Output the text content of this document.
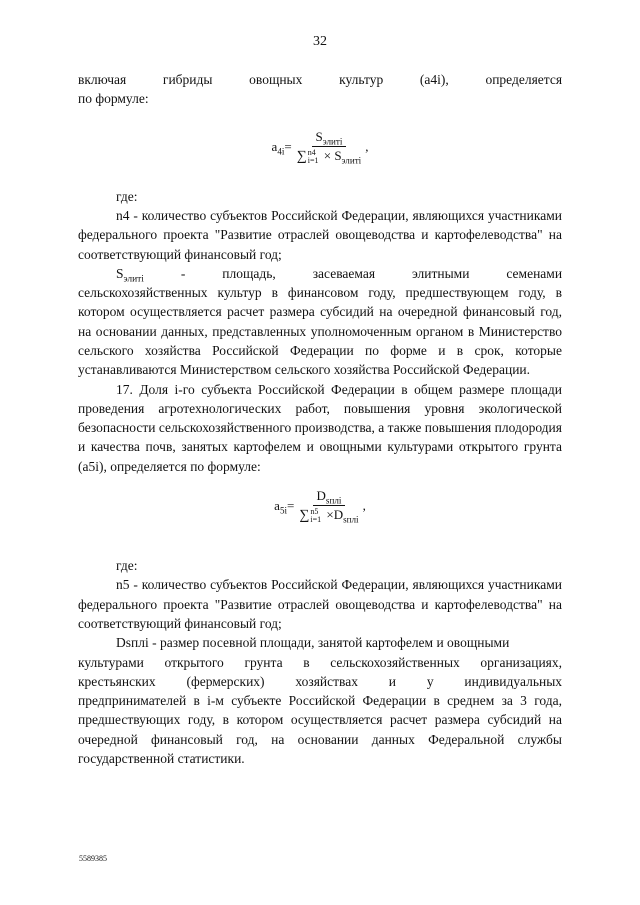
32

включая	гибриды	овощных	культур	(a4i),	определяется

по формуле:

$a_{4i}= S_{элитi}$
∑ n4
$i=1 \times S_{элитi}$ ,

где:

n4 - количество субъектов Российской Федерации, являющихся участниками федерального проекта "Развитие отраслей овощеводства и картофелеводства" на соответствующий финансовый год;

$S_{элитi}$	-	площадь,	засеваемая	элитными	семенами

сельскохозяйственных культур в финансовом году, предшествующем году, в котором осуществляется расчет размера субсидий на очередной финансовый год, на основании данных, представленных уполномоченным органом в Министерство сельского хозяйства Российской Федерации по форме и в срок, которые устанавливаются Министерством сельского хозяйства Российской Федерации.

17. Доля i-го субъекта Российской Федерации в общем размере площади проведения агротехнологических работ, повышения уровня экологической безопасности сельскохозяйственного производства, а также повышения плодородия и качества почв, занятых картофелем и овощными культурами открытого грунта (a5i), определяется по формуле:

$a_{5i}= D_{sплi}$
∑ n5
$i=1 \times D_{sплi}$ ,

где:

n5 - количество субъектов Российской Федерации, являющихся участниками федерального проекта "Развитие отраслей овощеводства и картофелеводства" на соответствующий финансовый год;

Dsплi - размер посевной площади, занятой картофелем и овощными

культурами открытого грунта в сельскохозяйственных организациях,

крестьянских (фермерских) хозяйствах и у индивидуальных

предпринимателей в i-м субъекте Российской Федерации в среднем за 3 года, предшествующих году, в котором осуществляется расчет размера субсидий на очередной финансовый год, на основании данных Федеральной службы государственной статистики.

5589385
